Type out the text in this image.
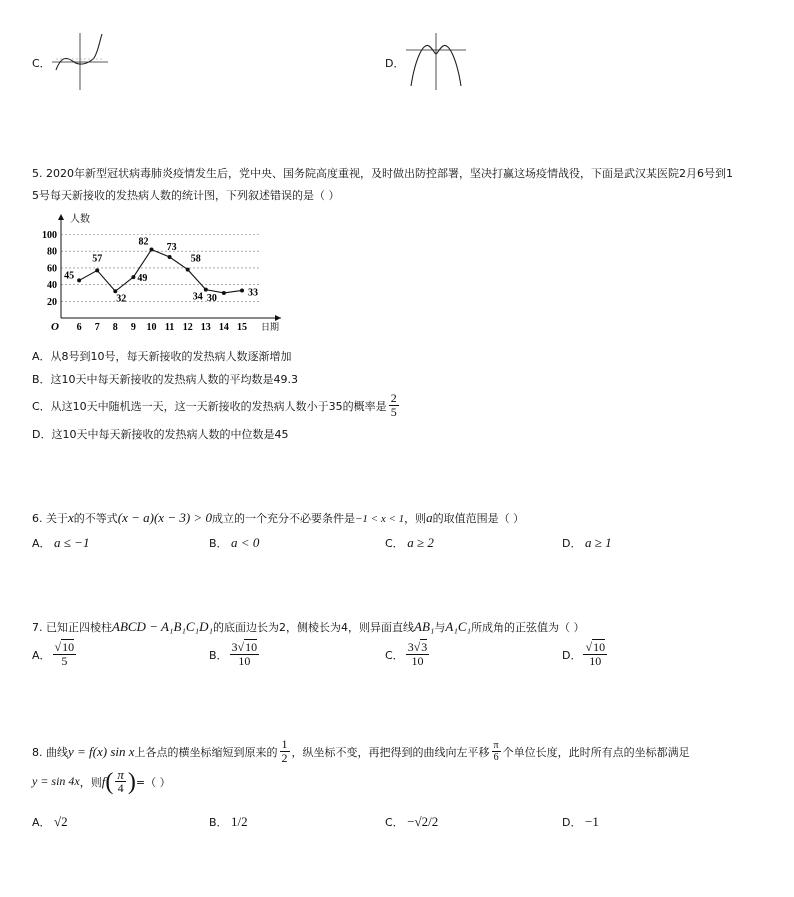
C．	D．
5. 2020年新型冠状病毒肺炎疫情发生后，党中央、国务院高度重视，及时做出防控部署，坚决打赢这场疫情战役，下面是武汉某医院2月6号到1
5号每天新接收的发热病人数的统计图，下列叙述错误的是（ ）
20
40
60
80
100
人数
日期
O 6 7 8 9 10 11 12 13 14 15
45
57
32
49
82
73
58
34 30
33
A．从8号到10号，每天新接收的发热病人数逐渐增加
B．这10天中每天新接收的发热病人数的平均数是49.3
C．从这10天中随机选一天，这一天新接收的发热病人数小于35的概率是 $\frac{2}{5}$
D．这10天中每天新接收的发热病人数的中位数是45
6. 关于x的不等式(x − a)(x − 3) > 0成立的一个充分不必要条件是−1 < x < 1，则a的取值范围是（ ）
A． a ≤ −1	B． a < 0	C． a ≥ 2	D． a ≥ 1
7. 已知正四棱柱ABCD − A₁B₁C₁D₁的底面边长为2，侧棱长为4，则异面直线AB₁与A₁C₁所成角的正弦值为（ ）
A． $\frac{√10}{5}$	B． $\frac{3√10}{10}$	C． $\frac{3√3}{10}$	D． $\frac{√10}{10}$
8. 曲线 y = f(x) sin x 上各点的横坐标缩短到原来的 $\frac{1}{2}$ ，纵坐标不变，再把得到的曲线向左平移 $\frac{\pi}{6}$ 个单位长度，此时所有点的坐标都满足
y = sin 4x ，则 f ( $\frac{\pi}{4}$ ) =（ ）
A． √2	B． 1/2	C． −√2/2	D． −1
